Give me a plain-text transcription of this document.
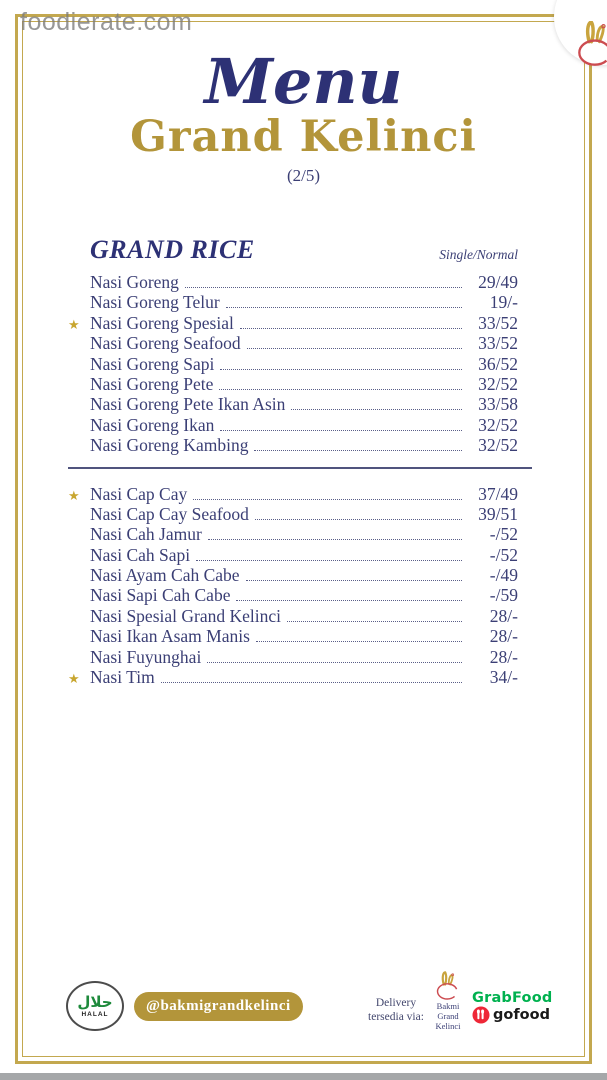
foodierate.com
Menu
Grand Kelinci
(2/5)
GRAND RICE	Single/Normal
Nasi Goreng	29/49
Nasi Goreng Telur	19/-
★ Nasi Goreng Spesial	33/52
Nasi Goreng Seafood	33/52
Nasi Goreng Sapi	36/52
Nasi Goreng Pete	32/52
Nasi Goreng Pete Ikan Asin	33/58
Nasi Goreng Ikan	32/52
Nasi Goreng Kambing	32/52
★ Nasi Cap Cay	37/49
Nasi Cap Cay Seafood	39/51
Nasi Cah Jamur	-/52
Nasi Cah Sapi	-/52
Nasi Ayam Cah Cabe	-/49
Nasi Sapi Cah Cabe	-/59
Nasi Spesial Grand Kelinci	28/-
Nasi Ikan Asam Manis	28/-
Nasi Fuyunghai	28/-
★ Nasi Tim	34/-
حلال
HALAL @bakmigrandkelinci	Delivery
tersedia via:
Bakmi
Grand
Kelinci
GrabFood
gofood
